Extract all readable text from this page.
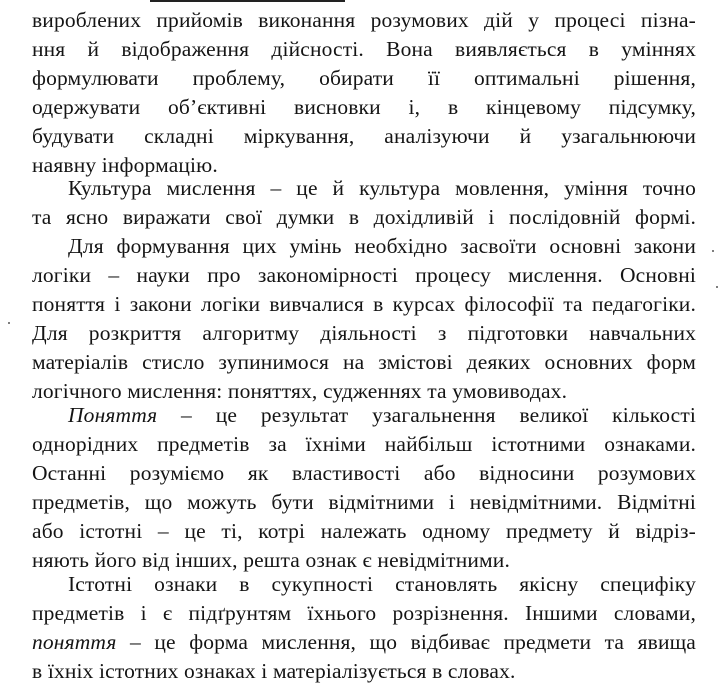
вироблених прийомів виконання розумових дій у процесі пізна-
ння й відображення дійсності. Вона виявляється в уміннях
формулювати проблему, обирати її оптимальні рішення,
одержувати об’єктивні висновки і, в кінцевому підсумку,
будувати складні міркування, аналізуючи й узагальнюючи
наявну інформацію.
Культура мислення – це й культура мовлення, уміння точно
та ясно виражати свої думки в дохідливій і послідовній формі.
Для формування цих умінь необхідно засвоїти основні закони
логіки – науки про закономірності процесу мислення. Основні
поняття і закони логіки вивчалися в курсах філософії та педагогіки.
Для розкриття алгоритму діяльності з підготовки навчальних
матеріалів стисло зупинимося на змістові деяких основних форм
логічного мислення: поняттях, судженнях та умовиводах.
Поняття – це результат узагальнення великої кількості
однорідних предметів за їхніми найбільш істотними ознаками.
Останні розуміємо як властивості або відносини розумових
предметів, що можуть бути відмітними і невідмітними. Відмітні
або істотні – це ті, котрі належать одному предмету й відріз-
няють його від інших, решта ознак є невідмітними.
Істотні ознаки в сукупності становлять якісну специфіку
предметів і є підґрунтям їхнього розрізнення. Іншими словами,
поняття – це форма мислення, що відбиває предмети та явища
в їхніх істотних ознаках і матеріалізується в словах.
